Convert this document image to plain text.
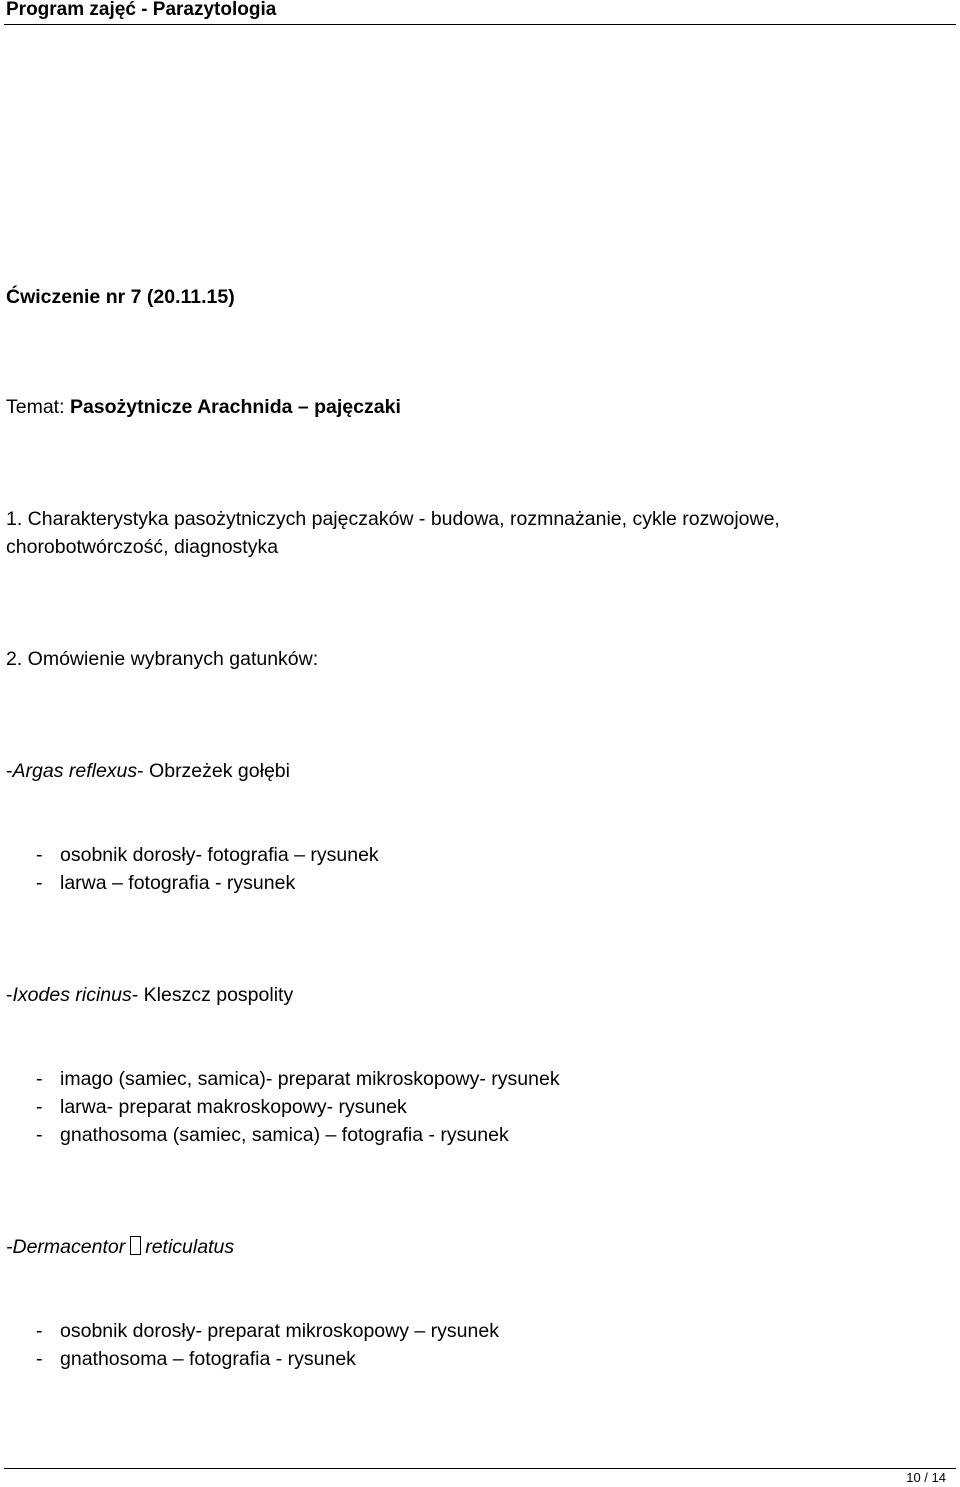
Program zajęć - Parazytologia

Ćwiczenie nr 7 (20.11.15)

Temat: Pasożytnicze Arachnida – pajęczaki

1. Charakterystyka pasożytniczych pajęczaków - budowa, rozmnażanie, cykle rozwojowe,

chorobotwórczość, diagnostyka

2. Omówienie wybranych gatunków:

-Argas reflexus- Obrzeżek gołębi

- osobnik dorosły- fotografia – rysunek
- larwa – fotografia - rysunek

-Ixodes ricinus- Kleszcz pospolity

- imago (samiec, samica)- preparat mikroskopowy- rysunek
- larwa- preparat makroskopowy- rysunek
- gnathosoma (samiec, samica) – fotografia - rysunek

-Dermacentor reticulatus

- osobnik dorosły- preparat mikroskopowy – rysunek
- gnathosoma – fotografia - rysunek
10 / 14
